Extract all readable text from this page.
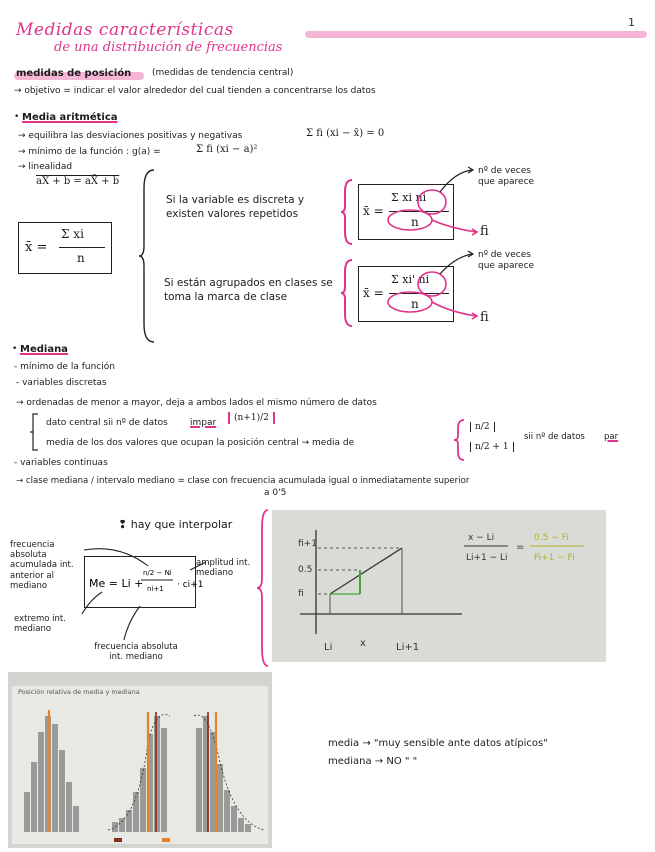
1
Medidas características
de una distribución de frecuencias
medidas de posición (medidas de tendencia central)
→ objetivo = indicar el valor alrededor del cual tienden a concentrarse los datos
• Media aritmética
→ equilibra las desviaciones positivas y negativas	Σ fi (xi − x̄) = 0
→ mínimo de la función : g(a) =	Σ fi (xi − a)²
→ linealidad
aX + b = aX̄ + b
x̄ =
Σ xi
n
Si la variable es discreta y existen valores repetidos
Si están agrupados en clases se toma la marca de clase
x̄ =
Σ xi ni
n
x̄ =
Σ xi' ni
n
nº de veces que aparece
fi
nº de veces que aparece
fi
• Mediana
- mínimo de la función
- variables discretas
→ ordenadas de menor a mayor, deja a ambos lados el mismo número de datos
dato central sii nº de datos impar	(n+1)/2
media de los dos valores que ocupan la posición central → media de
n/2
n/2 + 1
sii nº de datos par
- variables continuas
→ clase mediana / intervalo mediano = clase con frecuencia acumulada igual o inmediatamente superior
a 0'5
❢ hay que interpolar
Me = Li +
n/2 − Ni
ni+1 · ci+1
frecuencia absoluta acumulada int. anterior al mediano
extremo int. mediano
amplitud int. mediano
frecuencia absoluta int. mediano
fi+1
0.5
fi
Li	x	Li+1
x − Li
Li+1 − Li
=
0.5 − Fi
Fi+1 − Fi
Posición relativa de media y mediana
media → "muy sensible ante datos atípicos"
mediana → NO " "
